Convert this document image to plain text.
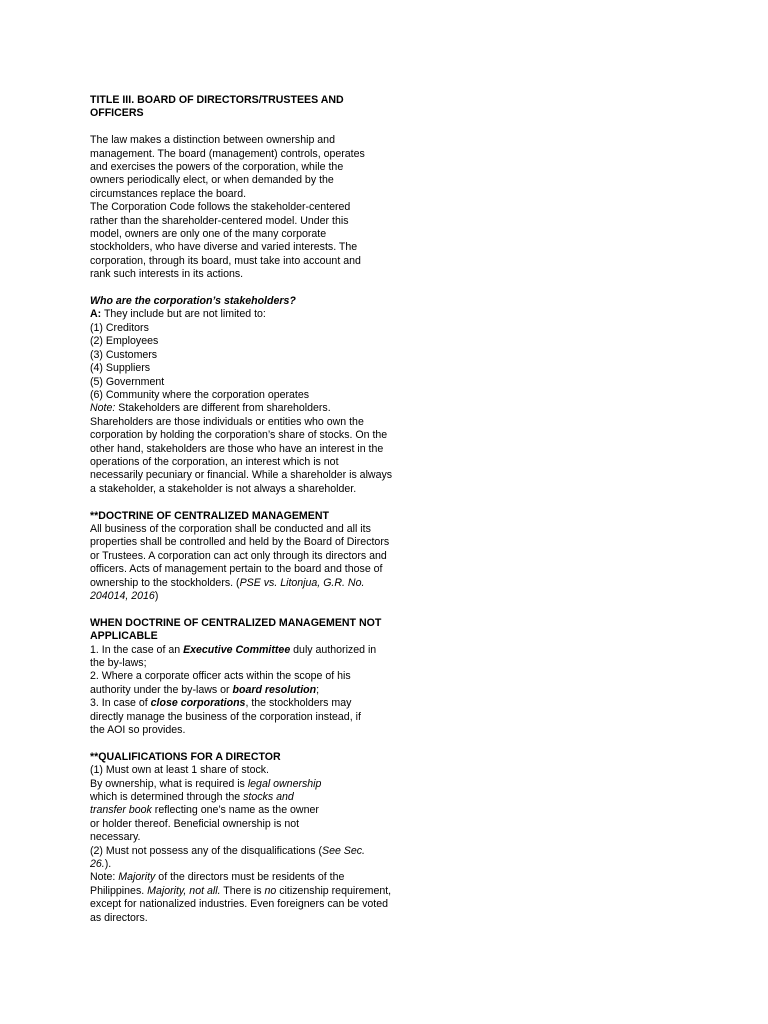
TITLE III. BOARD OF DIRECTORS/TRUSTEES AND
OFFICERS
The law makes a distinction between ownership and
management. The board (management) controls, operates
and exercises the powers of the corporation, while the
owners periodically elect, or when demanded by the
circumstances replace the board.
The Corporation Code follows the stakeholder-centered
rather than the shareholder-centered model. Under this
model, owners are only one of the many corporate
stockholders, who have diverse and varied interests. The
corporation, through its board, must take into account and
rank such interests in its actions.
Who are the corporation’s stakeholders?
A: They include but are not limited to:
(1) Creditors
(2) Employees
(3) Customers
(4) Suppliers
(5) Government
(6) Community where the corporation operates
Note: Stakeholders are different from shareholders.
Shareholders are those individuals or entities who own the
corporation by holding the corporation’s share of stocks. On the
other hand, stakeholders are those who have an interest in the
operations of the corporation, an interest which is not
necessarily pecuniary or financial. While a shareholder is always
a stakeholder, a stakeholder is not always a shareholder.
**DOCTRINE OF CENTRALIZED MANAGEMENT
All business of the corporation shall be conducted and all its
properties shall be controlled and held by the Board of Directors
or Trustees. A corporation can act only through its directors and
officers. Acts of management pertain to the board and those of
ownership to the stockholders. (PSE vs. Litonjua, G.R. No.
204014, 2016)
WHEN DOCTRINE OF CENTRALIZED MANAGEMENT NOT
APPLICABLE
1. In the case of an Executive Committee duly authorized in
the by-laws;
2. Where a corporate officer acts within the scope of his
authority under the by-laws or board resolution;
3. In case of close corporations, the stockholders may
directly manage the business of the corporation instead, if
the AOI so provides.
**QUALIFICATIONS FOR A DIRECTOR
(1) Must own at least 1 share of stock.
By ownership, what is required is legal ownership
which is determined through the stocks and
transfer book reflecting one’s name as the owner
or holder thereof. Beneficial ownership is not
necessary.
(2) Must not possess any of the disqualifications (See Sec.
26.).
Note: Majority of the directors must be residents of the
Philippines. Majority, not all. There is no citizenship requirement,
except for nationalized industries. Even foreigners can be voted
as directors.
